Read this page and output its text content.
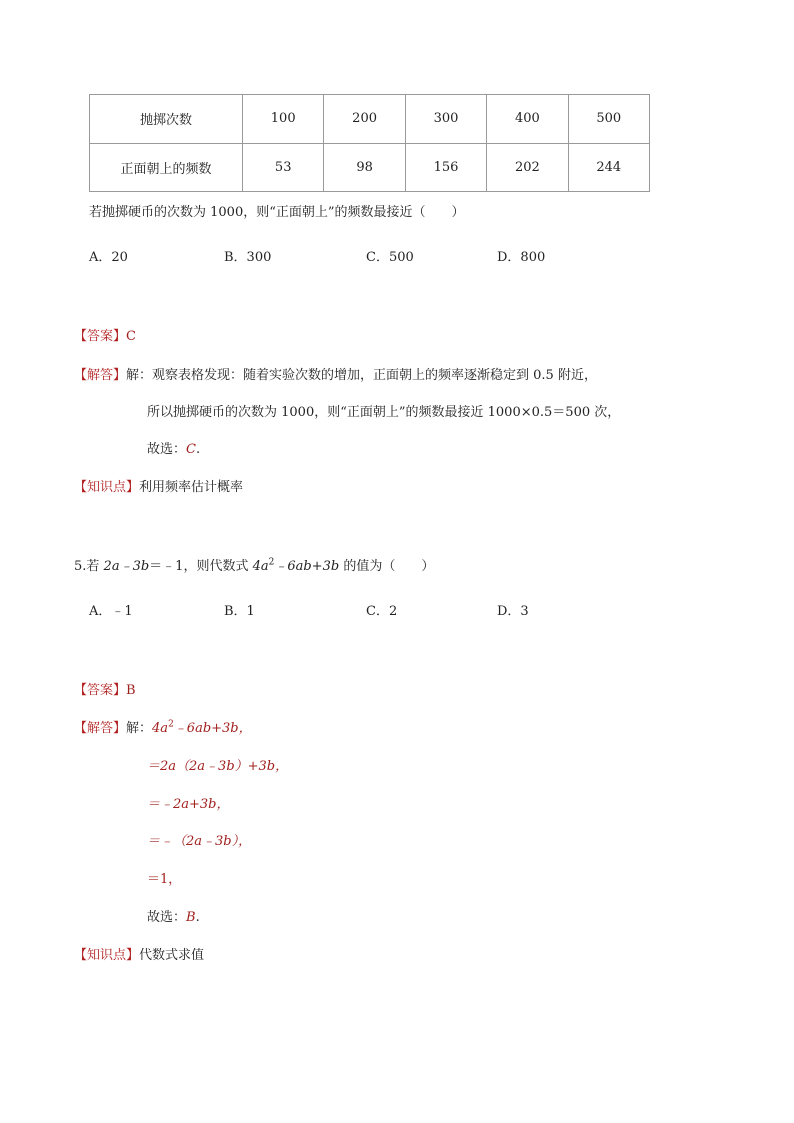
抛掷次数	100	200	300	400	500
正面朝上的频数	53	98	156	202	244
若抛掷硬币的次数为 1000，则“正面朝上”的频数最接近（　　）
A．20	B．300	C．500	D．800
【答案】C
【解答】解：观察表格发现：随着实验次数的增加，正面朝上的频率逐渐稳定到 0.5 附近，
所以抛掷硬币的次数为 1000，则“正面朝上”的频数最接近 1000×0.5＝500 次，
故选：C.
【知识点】利用频率估计概率
5.若 2a﹣3b＝﹣1，则代数式 $4a^2﹣6ab+3b$ 的值为（　　）
A．﹣1	B．1	C．2	D．3
【答案】B
【解答】解：$4a^2﹣6ab+3b$，
＝2a（2a﹣3b）+3b，
＝﹣2a+3b，
＝﹣（2a﹣3b），
＝1，
故选：B.
【知识点】代数式求值
